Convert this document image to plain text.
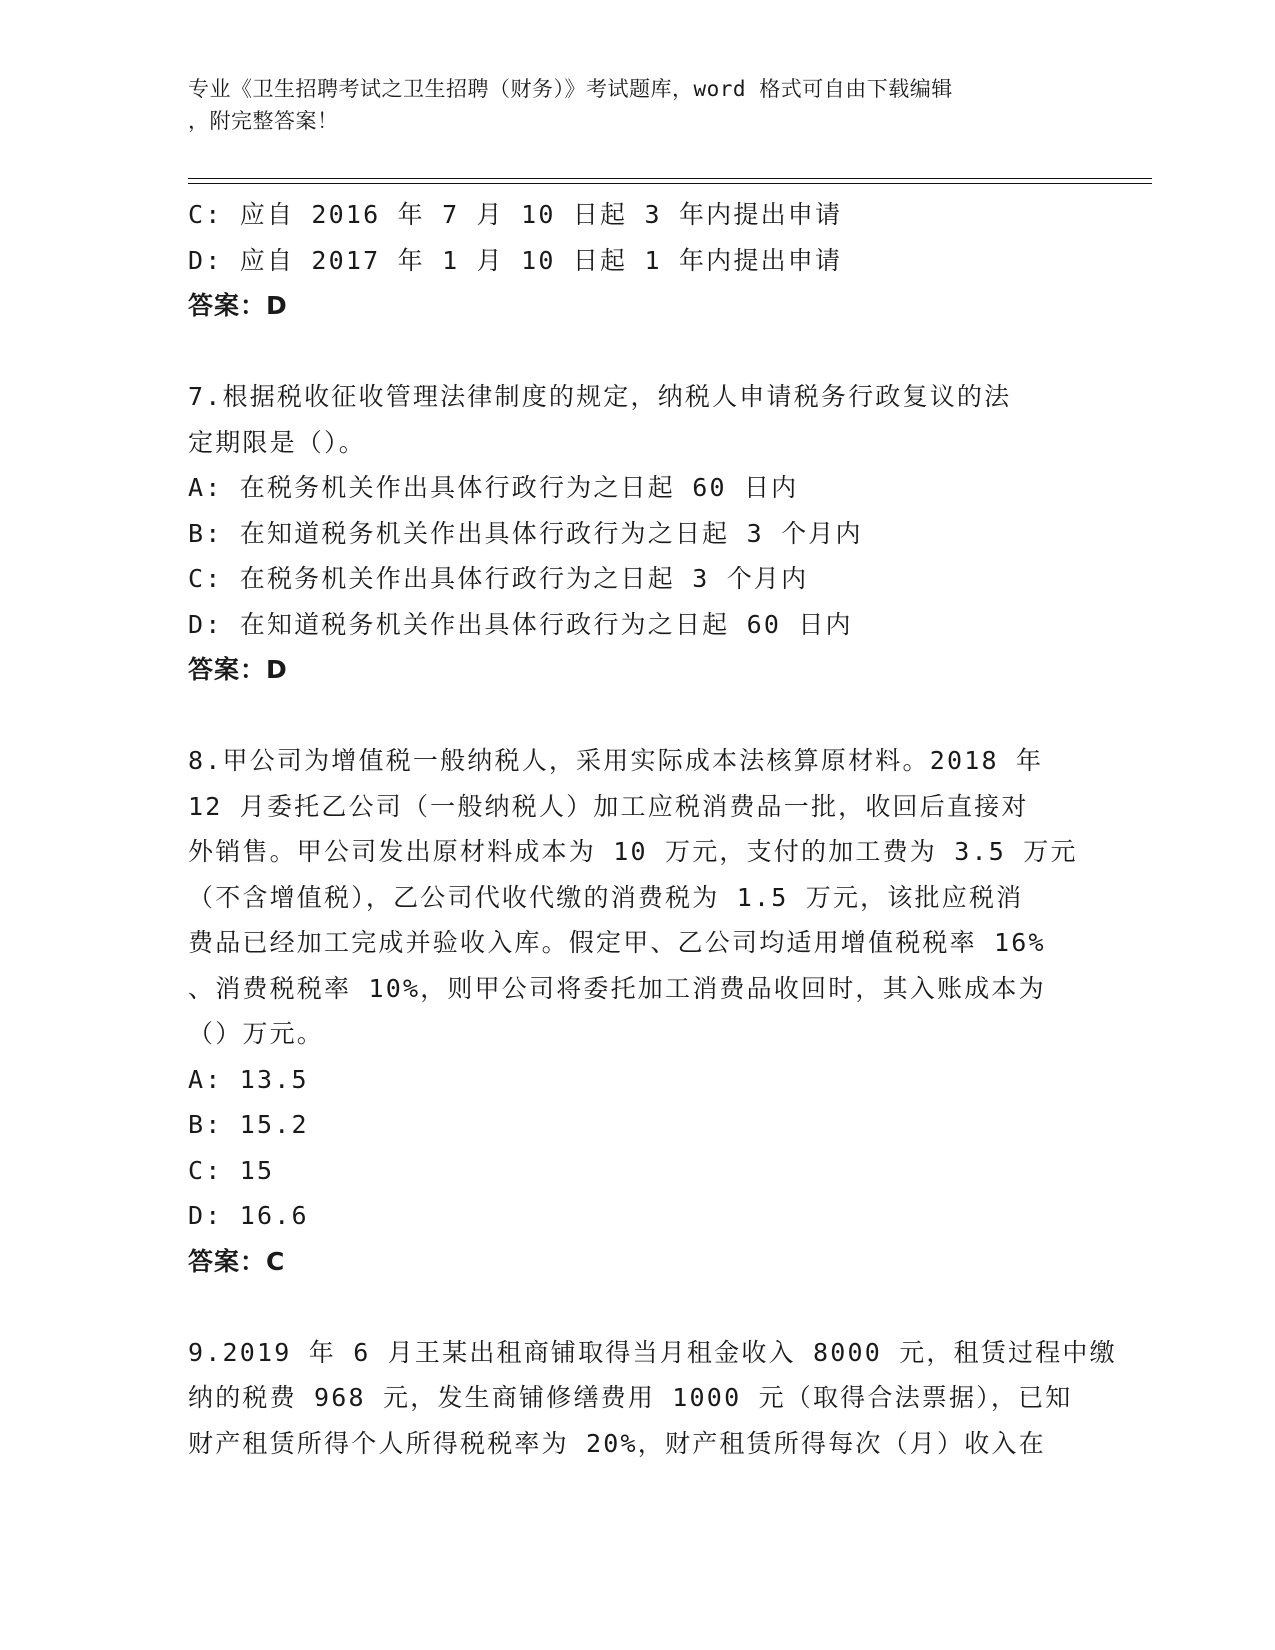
专业《卫生招聘考试之卫生招聘（财务）》考试题库，word 格式可自由下载编辑
，附完整答案！
C: 应自 2016 年 7 月 10 日起 3 年内提出申请
D: 应自 2017 年 1 月 10 日起 1 年内提出申请
答案：D
7.根据税收征收管理法律制度的规定，纳税人申请税务行政复议的法
定期限是（）。
A: 在税务机关作出具体行政行为之日起 60 日内
B: 在知道税务机关作出具体行政行为之日起 3 个月内
C: 在税务机关作出具体行政行为之日起 3 个月内
D: 在知道税务机关作出具体行政行为之日起 60 日内
答案：D
8.甲公司为增值税一般纳税人，采用实际成本法核算原材料。2018 年
12 月委托乙公司（一般纳税人）加工应税消费品一批，收回后直接对
外销售。甲公司发出原材料成本为 10 万元，支付的加工费为 3.5 万元
（不含增值税），乙公司代收代缴的消费税为 1.5 万元，该批应税消
费品已经加工完成并验收入库。假定甲、乙公司均适用增值税税率 16%
、消费税税率 10%，则甲公司将委托加工消费品收回时，其入账成本为
（）万元。
A: 13.5
B: 15.2
C: 15
D: 16.6
答案：C
9.2019 年 6 月王某出租商铺取得当月租金收入 8000 元，租赁过程中缴
纳的税费 968 元，发生商铺修缮费用 1000 元（取得合法票据），已知
财产租赁所得个人所得税税率为 20%，财产租赁所得每次（月）收入在
